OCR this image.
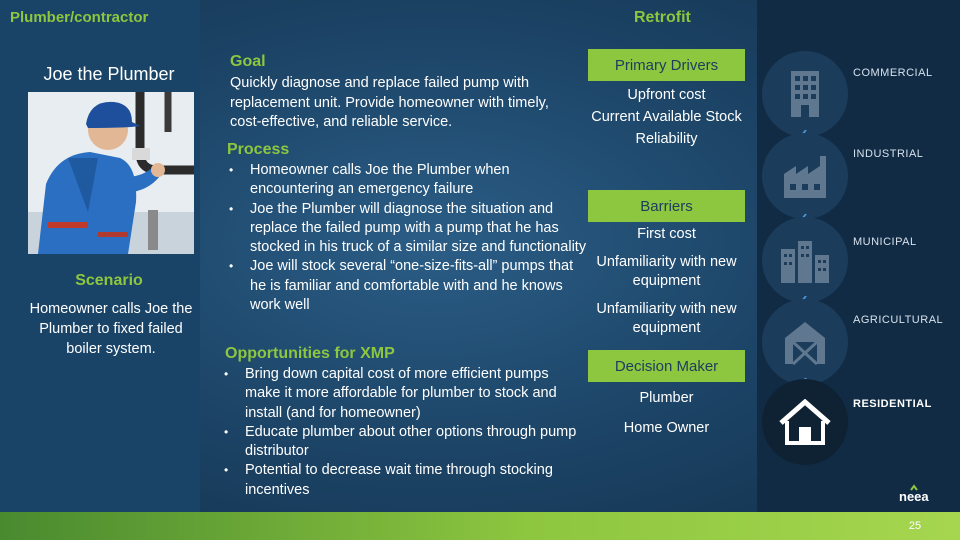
Plumber/contractor
Joe the Plumber
Scenario
Homeowner calls Joe the Plumber to fixed failed boiler system.
Goal
Quickly diagnose and replace failed pump with replacement unit. Provide homeowner with timely, cost-effective, and reliable service.
Process
• Homeowner calls Joe the Plumber when encountering an emergency failure
• Joe the Plumber will diagnose the situation and replace the failed pump with a pump that he has stocked in his truck of a similar size and functionality
• Joe will stock several “one-size-fits-all” pumps that he is familiar and comfortable with and he knows work well
Opportunities for XMP
• Bring down capital cost of more efficient pumps make it more affordable for plumber to stock and install (and for homeowner)
• Educate plumber about other options through pump distributor
• Potential to decrease wait time through stocking incentives
Retrofit
Primary Drivers
Upfront cost
Current Available Stock
Reliability
Barriers
First cost
Unfamiliarity with new equipment
Unfamiliarity with new equipment
Decision Maker
Plumber
Home Owner
COMMERCIAL
INDUSTRIAL
MUNICIPAL
AGRICULTURAL
RESIDENTIAL
neea
25
